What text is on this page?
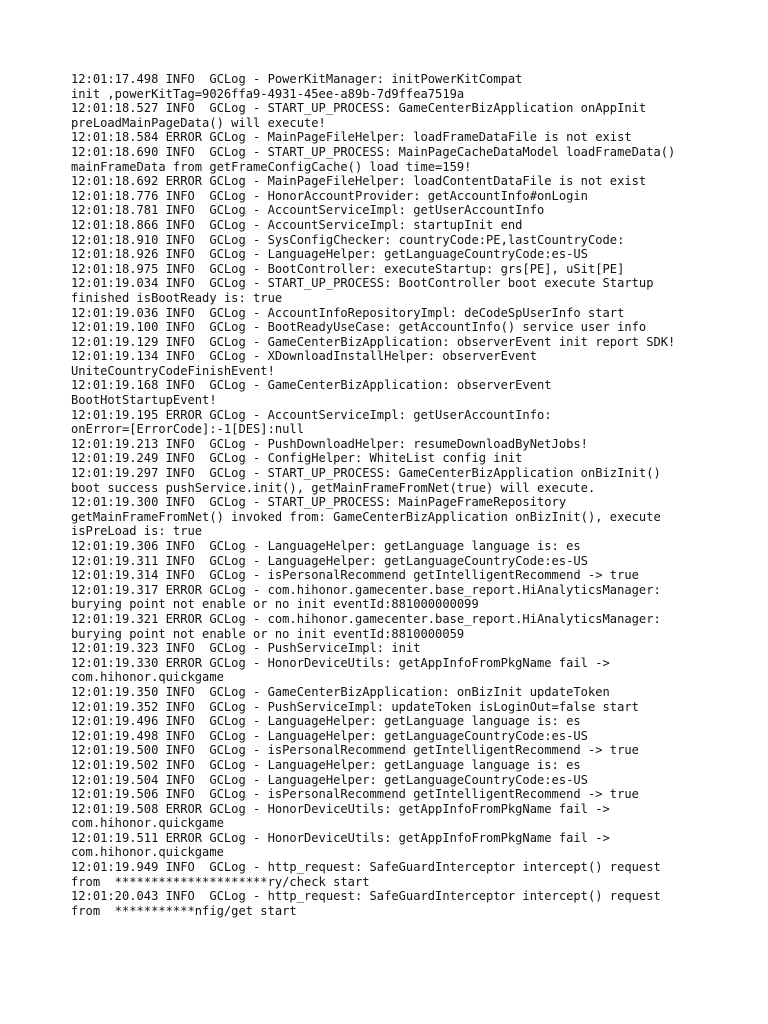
12:01:17.498 INFO  GCLog - PowerKitManager: initPowerKitCompat
init ,powerKitTag=9026ffa9-4931-45ee-a89b-7d9ffea7519a
12:01:18.527 INFO  GCLog - START_UP_PROCESS: GameCenterBizApplication onAppInit
preLoadMainPageData() will execute!
12:01:18.584 ERROR GCLog - MainPageFileHelper: loadFrameDataFile is not exist
12:01:18.690 INFO  GCLog - START_UP_PROCESS: MainPageCacheDataModel loadFrameData()
mainFrameData from getFrameConfigCache() load time=159!
12:01:18.692 ERROR GCLog - MainPageFileHelper: loadContentDataFile is not exist
12:01:18.776 INFO  GCLog - HonorAccountProvider: getAccountInfo#onLogin
12:01:18.781 INFO  GCLog - AccountServiceImpl: getUserAccountInfo
12:01:18.866 INFO  GCLog - AccountServiceImpl: startupInit end
12:01:18.910 INFO  GCLog - SysConfigChecker: countryCode:PE,lastCountryCode:
12:01:18.926 INFO  GCLog - LanguageHelper: getLanguageCountryCode:es-US
12:01:18.975 INFO  GCLog - BootController: executeStartup: grs[PE], uSit[PE]
12:01:19.034 INFO  GCLog - START_UP_PROCESS: BootController boot execute Startup
finished isBootReady is: true
12:01:19.036 INFO  GCLog - AccountInfoRepositoryImpl: deCodeSpUserInfo start
12:01:19.100 INFO  GCLog - BootReadyUseCase: getAccountInfo() service user info
12:01:19.129 INFO  GCLog - GameCenterBizApplication: observerEvent init report SDK!
12:01:19.134 INFO  GCLog - XDownloadInstallHelper: observerEvent
UniteCountryCodeFinishEvent!
12:01:19.168 INFO  GCLog - GameCenterBizApplication: observerEvent
BootHotStartupEvent!
12:01:19.195 ERROR GCLog - AccountServiceImpl: getUserAccountInfo:
onError=[ErrorCode]:-1[DES]:null
12:01:19.213 INFO  GCLog - PushDownloadHelper: resumeDownloadByNetJobs!
12:01:19.249 INFO  GCLog - ConfigHelper: WhiteList config init
12:01:19.297 INFO  GCLog - START_UP_PROCESS: GameCenterBizApplication onBizInit()
boot success pushService.init(), getMainFrameFromNet(true) will execute.
12:01:19.300 INFO  GCLog - START_UP_PROCESS: MainPageFrameRepository
getMainFrameFromNet() invoked from: GameCenterBizApplication onBizInit(), execute
isPreLoad is: true
12:01:19.306 INFO  GCLog - LanguageHelper: getLanguage language is: es
12:01:19.311 INFO  GCLog - LanguageHelper: getLanguageCountryCode:es-US
12:01:19.314 INFO  GCLog - isPersonalRecommend getIntelligentRecommend -> true
12:01:19.317 ERROR GCLog - com.hihonor.gamecenter.base_report.HiAnalyticsManager:
burying point not enable or no init eventId:881000000099
12:01:19.321 ERROR GCLog - com.hihonor.gamecenter.base_report.HiAnalyticsManager:
burying point not enable or no init eventId:8810000059
12:01:19.323 INFO  GCLog - PushServiceImpl: init
12:01:19.330 ERROR GCLog - HonorDeviceUtils: getAppInfoFromPkgName fail ->
com.hihonor.quickgame
12:01:19.350 INFO  GCLog - GameCenterBizApplication: onBizInit updateToken
12:01:19.352 INFO  GCLog - PushServiceImpl: updateToken isLoginOut=false start
12:01:19.496 INFO  GCLog - LanguageHelper: getLanguage language is: es
12:01:19.498 INFO  GCLog - LanguageHelper: getLanguageCountryCode:es-US
12:01:19.500 INFO  GCLog - isPersonalRecommend getIntelligentRecommend -> true
12:01:19.502 INFO  GCLog - LanguageHelper: getLanguage language is: es
12:01:19.504 INFO  GCLog - LanguageHelper: getLanguageCountryCode:es-US
12:01:19.506 INFO  GCLog - isPersonalRecommend getIntelligentRecommend -> true
12:01:19.508 ERROR GCLog - HonorDeviceUtils: getAppInfoFromPkgName fail ->
com.hihonor.quickgame
12:01:19.511 ERROR GCLog - HonorDeviceUtils: getAppInfoFromPkgName fail ->
com.hihonor.quickgame
12:01:19.949 INFO  GCLog - http_request: SafeGuardInterceptor intercept() request
from  *********************ry/check start
12:01:20.043 INFO  GCLog - http_request: SafeGuardInterceptor intercept() request
from  ***********nfig/get start
